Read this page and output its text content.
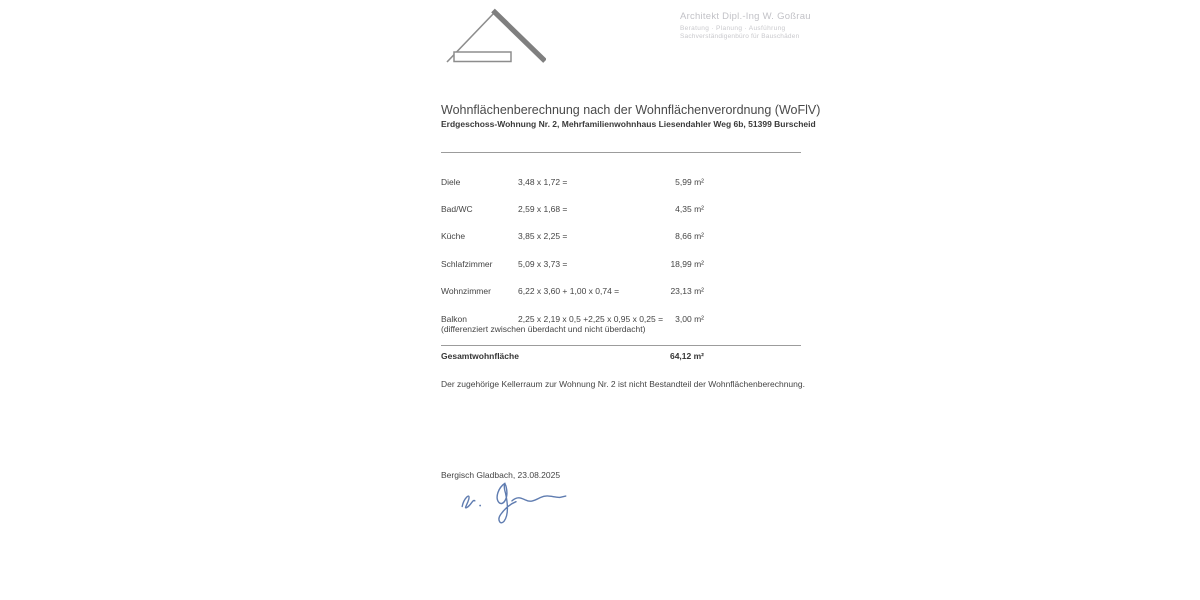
Architekt Dipl.-Ing W. Goßrau
Beratung · Planung · Ausführung
Sachverständigenbüro für Bauschäden
Wohnflächenberechnung nach der Wohnflächenverordnung (WoFlV)
Erdgeschoss-Wohnung Nr. 2, Mehrfamilienwohnhaus Liesendahler Weg 6b, 51399 Burscheid
Diele	3,48 x 1,72 =	5,99 m²
Bad/WC	2,59 x 1,68 =	4,35 m²
Küche	3,85 x 2,25 =	8,66 m²
Schlafzimmer	5,09 x 3,73 =	18,99 m²
Wohnzimmer	6,22 x 3,60 + 1,00 x 0,74 =	23,13 m²
Balkon	2,25 x 2,19 x 0,5 +2,25 x 0,95 x 0,25 =	3,00 m²
(differenziert zwischen überdacht und nicht überdacht)
Gesamtwohnfläche	64,12 m²
Der zugehörige Kellerraum zur Wohnung Nr. 2 ist nicht Bestandteil der Wohnflächenberechnung.
Bergisch Gladbach, 23.08.2025
